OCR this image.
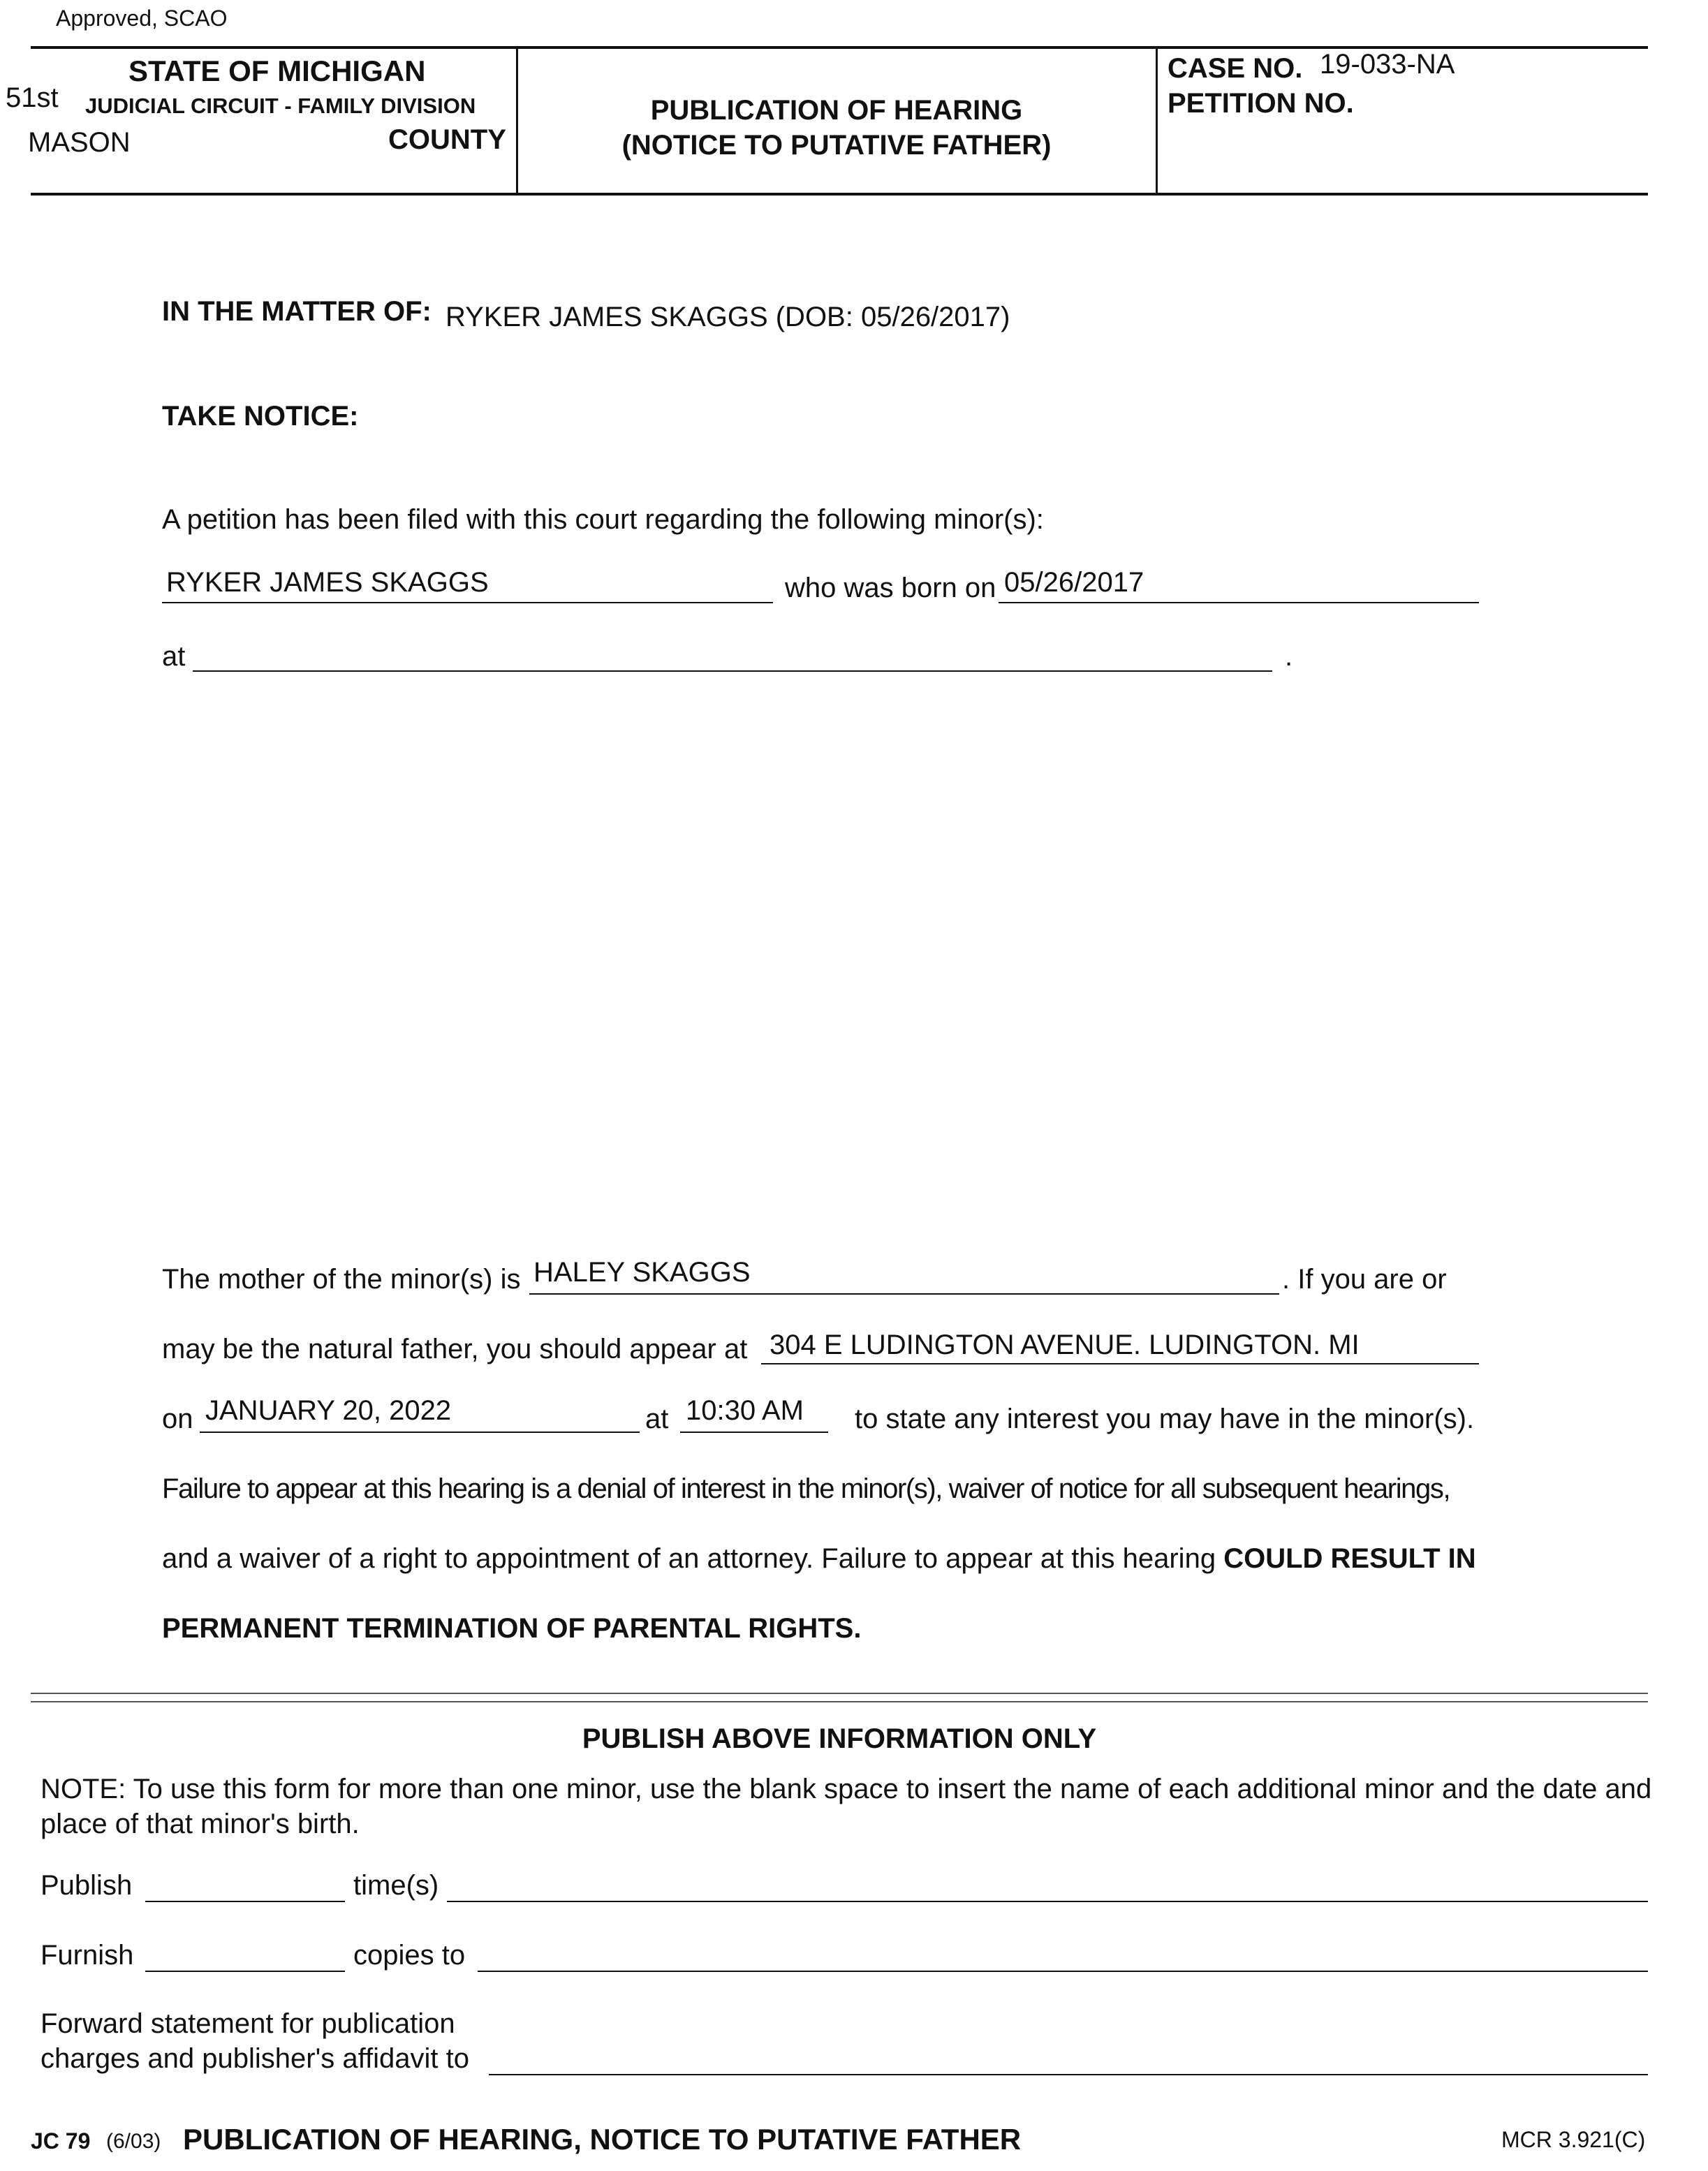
Approved, SCAO
STATE OF MICHIGAN
51st JUDICIAL CIRCUIT - FAMILY DIVISION
MASON	COUNTY
PUBLICATION OF HEARING
(NOTICE TO PUTATIVE FATHER)
CASE NO. 19-033-NA
PETITION NO.
IN THE MATTER OF: RYKER JAMES SKAGGS (DOB: 05/26/2017)
TAKE NOTICE:
A petition has been filed with this court regarding the following minor(s):
RYKER JAMES SKAGGS	who was born on 05/26/2017
at	.
The mother of the minor(s) is HALEY SKAGGS	. If you are or
may be the natural father, you should appear at 304 E LUDINGTON AVENUE. LUDINGTON. MI
on JANUARY 20, 2022	at 10:30 AM to state any interest you may have in the minor(s).
Failure to appear at this hearing is a denial of interest in the minor(s), waiver of notice for all subsequent hearings,
and a waiver of a right to appointment of an attorney. Failure to appear at this hearing COULD RESULT IN
PERMANENT TERMINATION OF PARENTAL RIGHTS.
PUBLISH ABOVE INFORMATION ONLY
NOTE: To use this form for more than one minor, use the blank space to insert the name of each additional minor and the date and
place of that minor's birth.
Publish	time(s)
Furnish	copies to
Forward statement for publication
charges and publisher's affidavit to
JC 79 (6/03) PUBLICATION OF HEARING, NOTICE TO PUTATIVE FATHER	MCR 3.921(C)
